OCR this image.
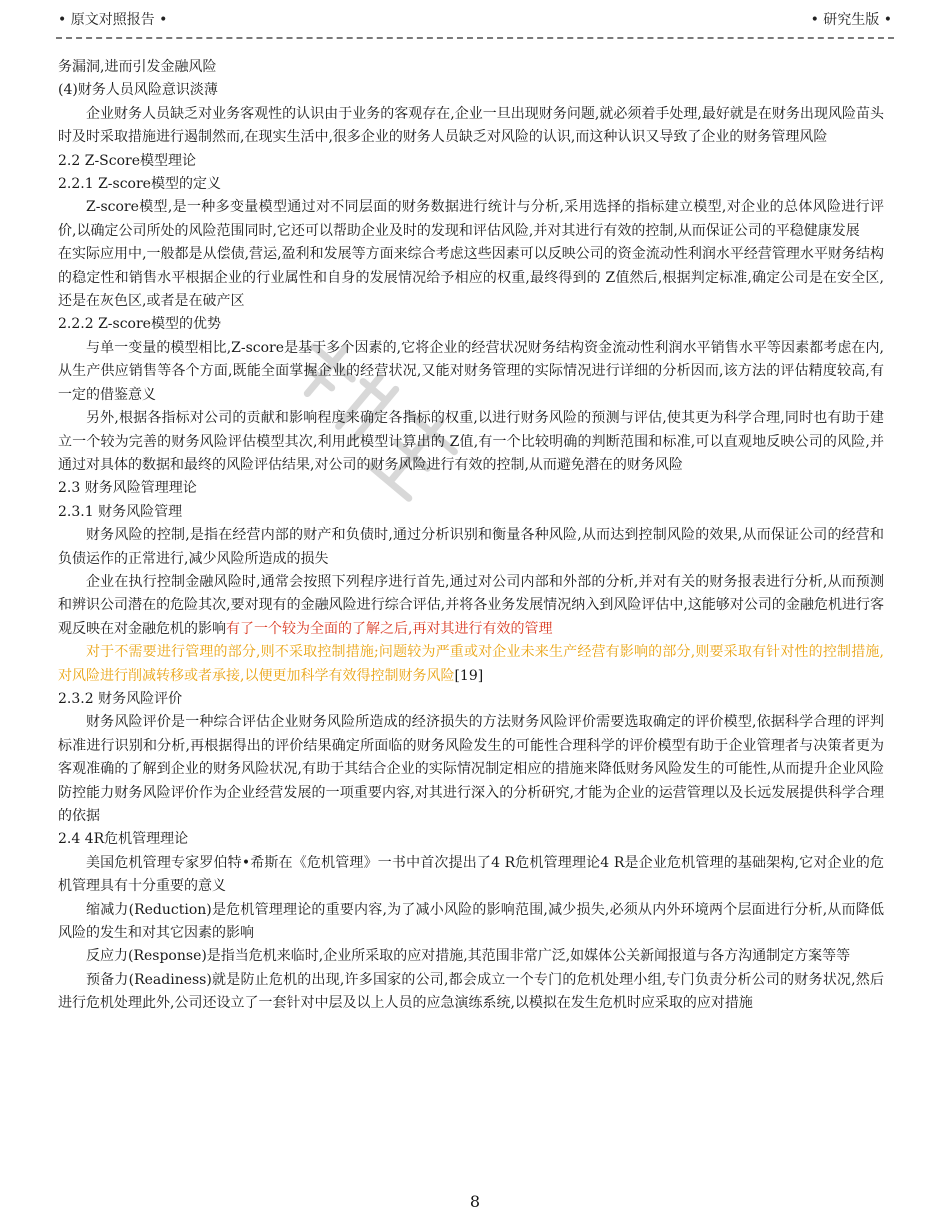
• 原文对照报告 •	• 研究生版 •

务漏洞,进而引发金融风险

(4)财务人员风险意识淡薄

企业财务人员缺乏对业务客观性的认识由于业务的客观存在,企业一旦出现财务问题,就必须着手处理,最好就是在财务出现风险苗头时及时采取措施进行遏制然而,在现实生活中,很多企业的财务人员缺乏对风险的认识,而这种认识又导致了企业的财务管理风险

2.2 Z-Score模型理论

2.2.1 Z-score模型的定义

Z-score模型,是一种多变量模型通过对不同层面的财务数据进行统计与分析,采用选择的指标建立模型,对企业的总体风险进行评价,以确定公司所处的风险范围同时,它还可以帮助企业及时的发现和评估风险,并对其进行有效的控制,从而保证公司的平稳健康发展

在实际应用中,一般都是从偿债,营运,盈利和发展等方面来综合考虑这些因素可以反映公司的资金流动性利润水平经营管理水平财务结构的稳定性和销售水平根据企业的行业属性和自身的发展情况给予相应的权重,最终得到的 Z值然后,根据判定标准,确定公司是在安全区,还是在灰色区,或者是在破产区

2.2.2 Z-score模型的优势

与单一变量的模型相比,Z-score是基于多个因素的,它将企业的经营状况财务结构资金流动性利润水平销售水平等因素都考虑在内,从生产供应销售等各个方面,既能全面掌握企业的经营状况,又能对财务管理的实际情况进行详细的分析因而,该方法的评估精度较高,有一定的借鉴意义

另外,根据各指标对公司的贡献和影响程度来确定各指标的权重,以进行财务风险的预测与评估,使其更为科学合理,同时也有助于建立一个较为完善的财务风险评估模型其次,利用此模型计算出的 Z值,有一个比较明确的判断范围和标准,可以直观地反映公司的风险,并通过对具体的数据和最终的风险评估结果,对公司的财务风险进行有效的控制,从而避免潜在的财务风险

2.3 财务风险管理理论

2.3.1 财务风险管理

财务风险的控制,是指在经营内部的财产和负债时,通过分析识别和衡量各种风险,从而达到控制风险的效果,从而保证公司的经营和负债运作的正常进行,减少风险所造成的损失

企业在执行控制金融风险时,通常会按照下列程序进行首先,通过对公司内部和外部的分析,并对有关的财务报表进行分析,从而预测和辨识公司潜在的危险其次,要对现有的金融风险进行综合评估,并将各业务发展情况纳入到风险评估中,这能够对公司的金融危机进行客观反映在对金融危机的影响有了一个较为全面的了解之后,再对其进行有效的管理

对于不需要进行管理的部分,则不采取控制措施;问题较为严重或对企业未来生产经营有影响的部分,则要采取有针对性的控制措施,对风险进行削减转移或者承接,以便更加科学有效得控制财务风险[19]

2.3.2 财务风险评价

财务风险评价是一种综合评估企业财务风险所造成的经济损失的方法财务风险评价需要选取确定的评价模型,依据科学合理的评判标准进行识别和分析,再根据得出的评价结果确定所面临的财务风险发生的可能性合理科学的评价模型有助于企业管理者与决策者更为客观准确的了解到企业的财务风险状况,有助于其结合企业的实际情况制定相应的措施来降低财务风险发生的可能性,从而提升企业风险防控能力财务风险评价作为企业经营发展的一项重要内容,对其进行深入的分析研究,才能为企业的运营管理以及长远发展提供科学合理的依据

2.4 4R危机管理理论

美国危机管理专家罗伯特•希斯在《危机管理》一书中首次提出了4 R危机管理理论4 R是企业危机管理的基础架构,它对企业的危机管理具有十分重要的意义

缩减力(Reduction)是危机管理理论的重要内容,为了减小风险的影响范围,减少损失,必须从内外环境两个层面进行分析,从而降低风险的发生和对其它因素的影响

反应力(Response)是指当危机来临时,企业所采取的应对措施,其范围非常广泛,如媒体公关新闻报道与各方沟通制定方案等等

预备力(Readiness)就是防止危机的出现,许多国家的公司,都会成立一个专门的危机处理小组,专门负责分析公司的财务状况,然后进行危机处理此外,公司还设立了一套针对中层及以上人员的应急演练系统,以模拟在发生危机时应采取的应对措施

8
